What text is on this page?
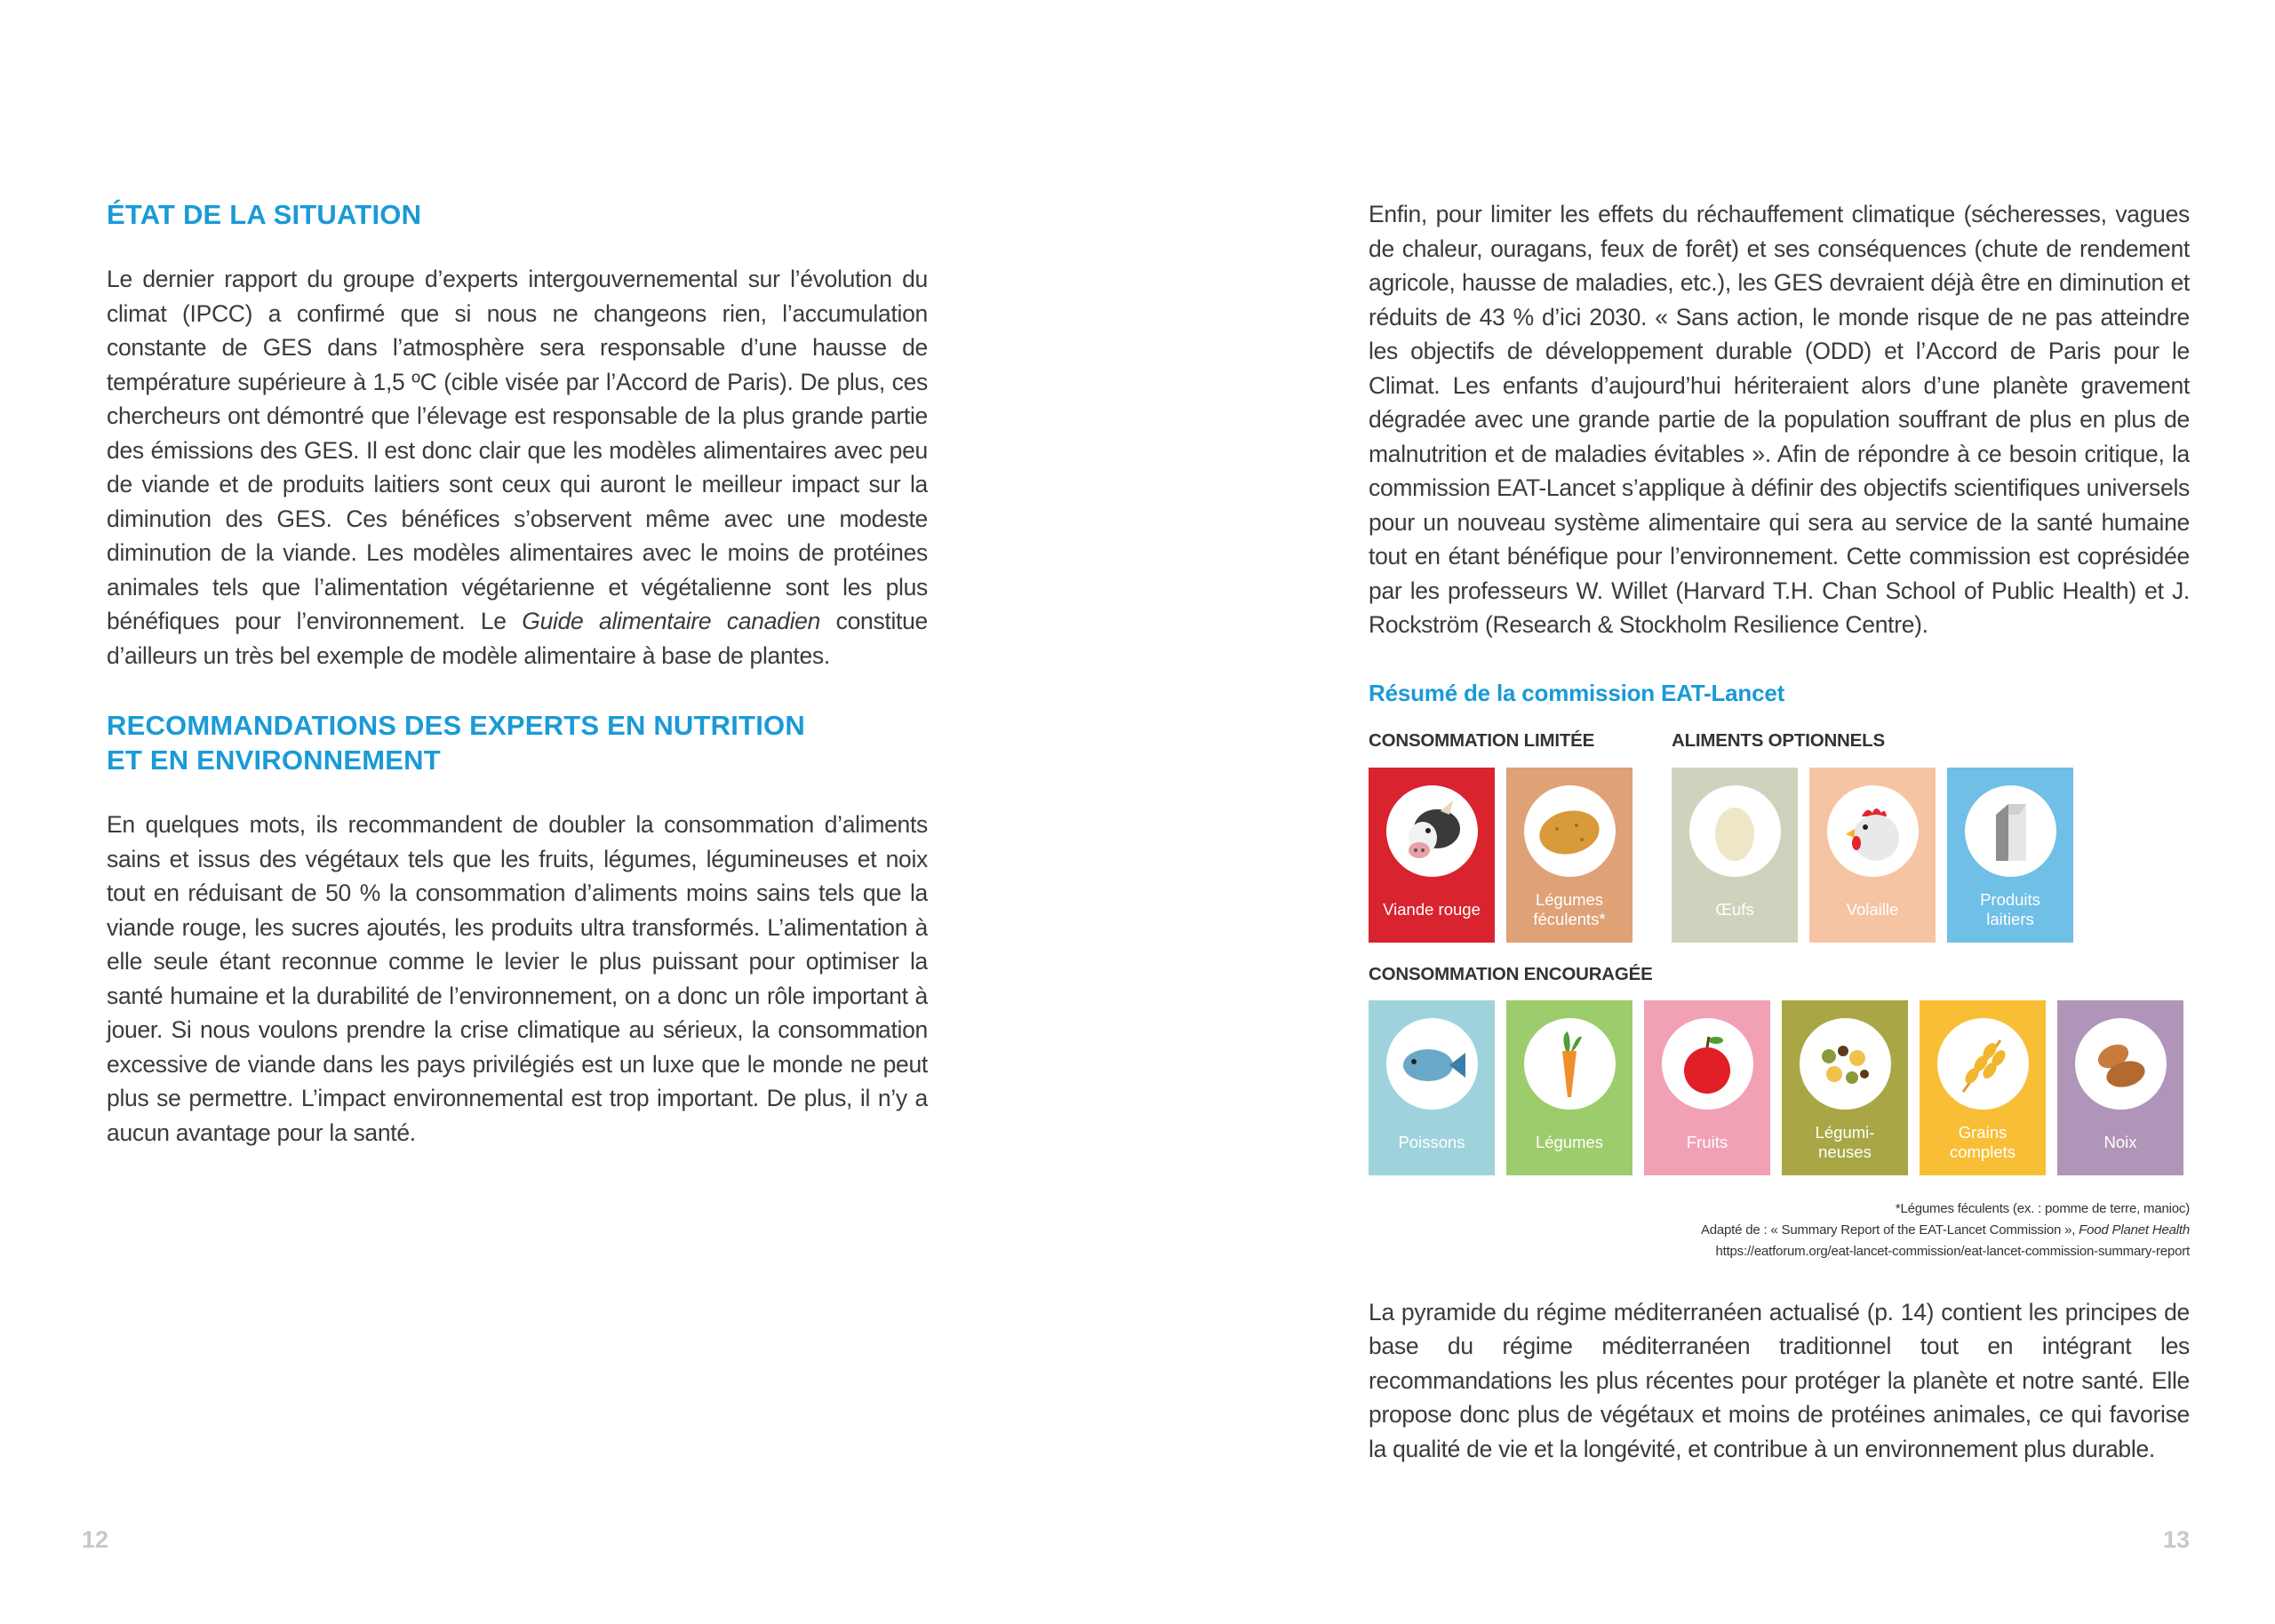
ÉTAT DE LA SITUATION

Le dernier rapport du groupe d’experts intergouvernemental sur l’évolution du climat (IPCC) a confirmé que si nous ne changeons rien, l’accumulation constante de GES dans l’atmosphère sera responsable d’une hausse de température supérieure à 1,5 ºC (cible visée par l’Accord de Paris). De plus, ces chercheurs ont démontré que l’élevage est responsable de la plus grande partie des émissions des GES. Il est donc clair que les modèles alimentaires avec peu de viande et de produits laitiers sont ceux qui auront le meilleur impact sur la diminution des GES. Ces bénéfices s’observent même avec une modeste diminution de la viande. Les modèles alimentaires avec le moins de protéines animales tels que l’alimentation végétarienne et végétalienne sont les plus bénéfiques pour l’environnement. Le Guide alimentaire canadien constitue d’ailleurs un très bel exemple de modèle alimentaire à base de plantes.

RECOMMANDATIONS DES EXPERTS EN NUTRITION
ET EN ENVIRONNEMENT

En quelques mots, ils recommandent de doubler la consommation d’aliments sains et issus des végétaux tels que les fruits, légumes, légumineuses et noix tout en réduisant de 50 % la consommation d’aliments moins sains tels que la viande rouge, les sucres ajoutés, les produits ultra transformés. L’alimentation à elle seule étant reconnue comme le levier le plus puissant pour optimiser la santé humaine et la durabilité de l’environnement, on a donc un rôle important à jouer. Si nous voulons prendre la crise climatique au sérieux, la consommation excessive de viande dans les pays privilégiés est un luxe que le monde ne peut plus se permettre. L’impact environnemental est trop important. De plus, il n’y a aucun avantage pour la santé.

12

Enfin, pour limiter les effets du réchauffement climatique (sécheresses, vagues de chaleur, ouragans, feux de forêt) et ses conséquences (chute de rendement agricole, hausse de maladies, etc.), les GES devraient déjà être en diminution et réduits de 43 % d’ici 2030. « Sans action, le monde risque de ne pas atteindre les objectifs de développement durable (ODD) et l’Accord de Paris pour le Climat. Les enfants d’aujourd’hui hériteraient alors d’une planète gravement dégradée avec une grande partie de la population souffrant de plus en plus de malnutrition et de maladies évitables ». Afin de répondre à ce besoin critique, la commission EAT-Lancet s’applique à définir des objectifs scientifiques universels pour un nouveau système alimentaire qui sera au service de la santé humaine tout en étant bénéfique pour l’environnement. Cette commission est coprésidée par les professeurs W. Willet (Harvard T.H. Chan School of Public Health) et J. Rockström (Research & Stockholm Resilience Centre).

Résumé de la commission EAT-Lancet
CONSOMMATION LIMITÉE	ALIMENTS OPTIONNELS
Viande rouge
Légumes
féculents*
Œufs	Volaille
Produits
laitiers
CONSOMMATION ENCOURAGÉE
Poissons	Légumes	Fruits
Légumi-
neuses
Grains
complets
Noix
*Légumes féculents (ex. : pomme de terre, manioc)
Adapté de : « Summary Report of the EAT-Lancet Commission », Food Planet Health
https://eatforum.org/eat-lancet-commission/eat-lancet-commission-summary-report

La pyramide du régime méditerranéen actualisé (p. 14) contient les principes de base du régime méditerranéen traditionnel tout en intégrant les recommandations les plus récentes pour protéger la planète et notre santé. Elle propose donc plus de végétaux et moins de protéines animales, ce qui favorise la qualité de vie et la longévité, et contribue à un environnement plus durable.

13
